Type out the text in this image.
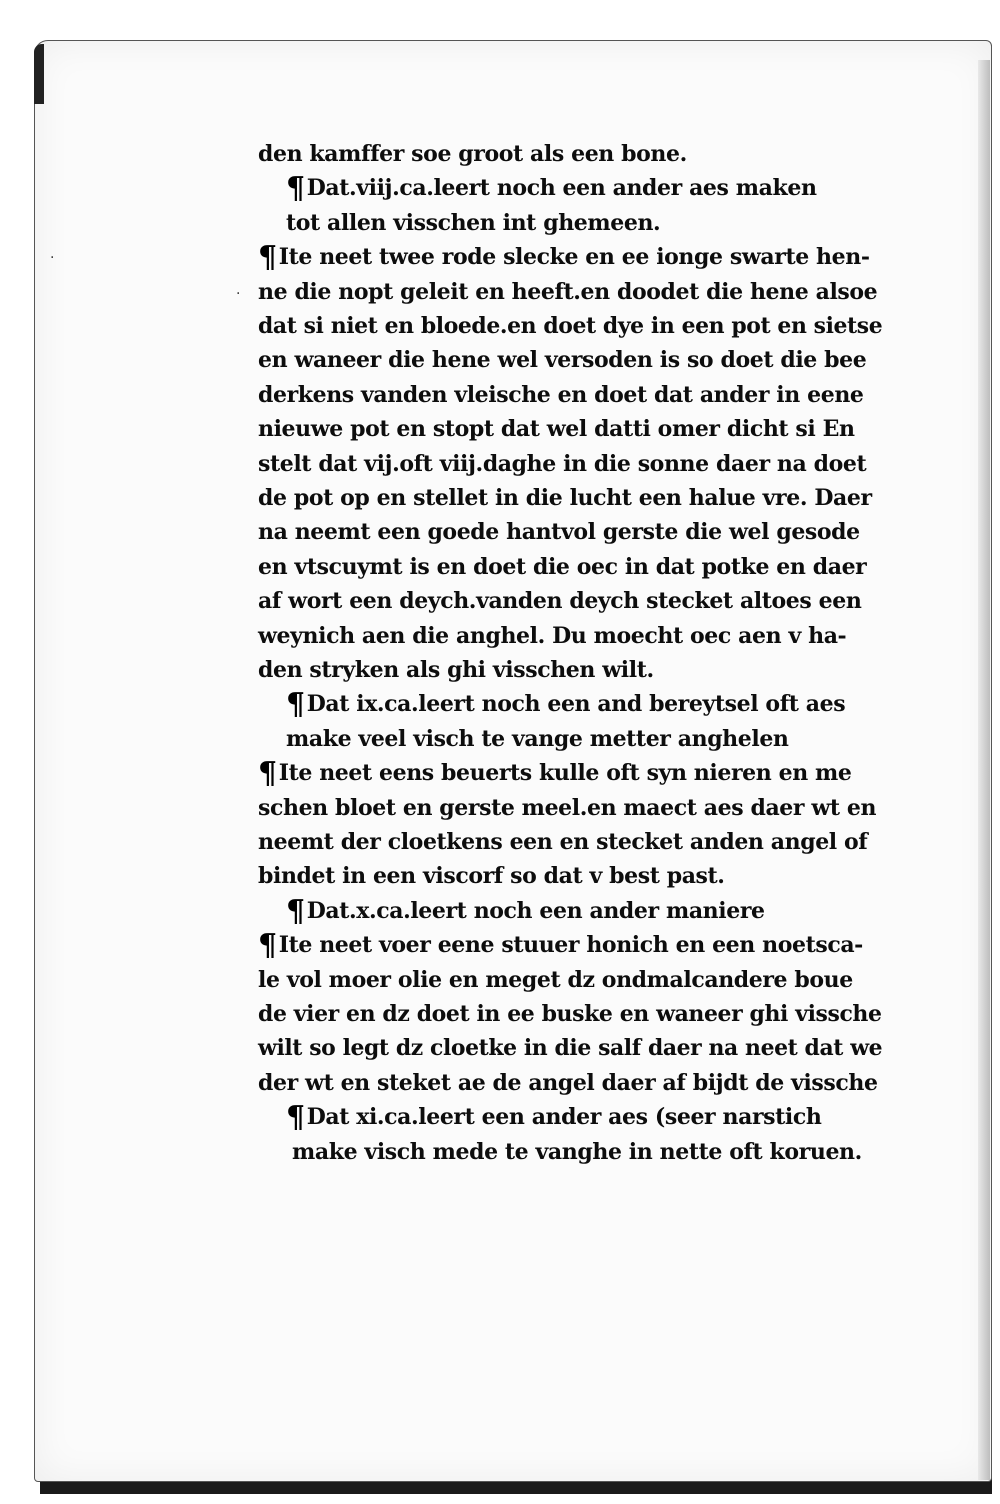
·
·
den kamffer soe groot als een bone.
¶Dat.viij.ca.leert noch een ander aes maken
tot allen visschen int ghemeen.
¶Ite neet twee rode slecke en ee ionge swarte hen-
ne die nopt geleit en heeft.en doodet die hene alsoe
dat si niet en bloede.en doet dye in een pot en sietse
en waneer die hene wel versoden is so doet die bee
derkens vanden vleische en doet dat ander in eene
nieuwe pot en stopt dat wel datti omer dicht si En
stelt dat vij.oft viij.daghe in die sonne daer na doet
de pot op en stellet in die lucht een halue vre. Daer
na neemt een goede hantvol gerste die wel gesode
en vtscuymt is en doet die oec in dat potke en daer
af wort een deych.vanden deych stecket altoes een
weynich aen die anghel. Du moecht oec aen v ha-
den stryken als ghi visschen wilt.
¶Dat ix.ca.leert noch een and bereytsel oft aes
make veel visch te vange metter anghelen
¶Ite neet eens beuerts kulle oft syn nieren en me
schen bloet en gerste meel.en maect aes daer wt en
neemt der cloetkens een en stecket anden angel of
bindet in een viscorf so dat v best past.
¶Dat.x.ca.leert noch een ander maniere
¶Ite neet voer eene stuuer honich en een noetsca-
le vol moer olie en meget dz ondmalcandere boue
de vier en dz doet in ee buske en waneer ghi visschе
wilt so legt dz cloetke in die salf daer na neet dat we
der wt en steket ae de angel daer af bijdt de visschе
¶Dat xi.ca.leert een ander aes (seer narstich
make visch mede te vanghe in nette oft koruen.
